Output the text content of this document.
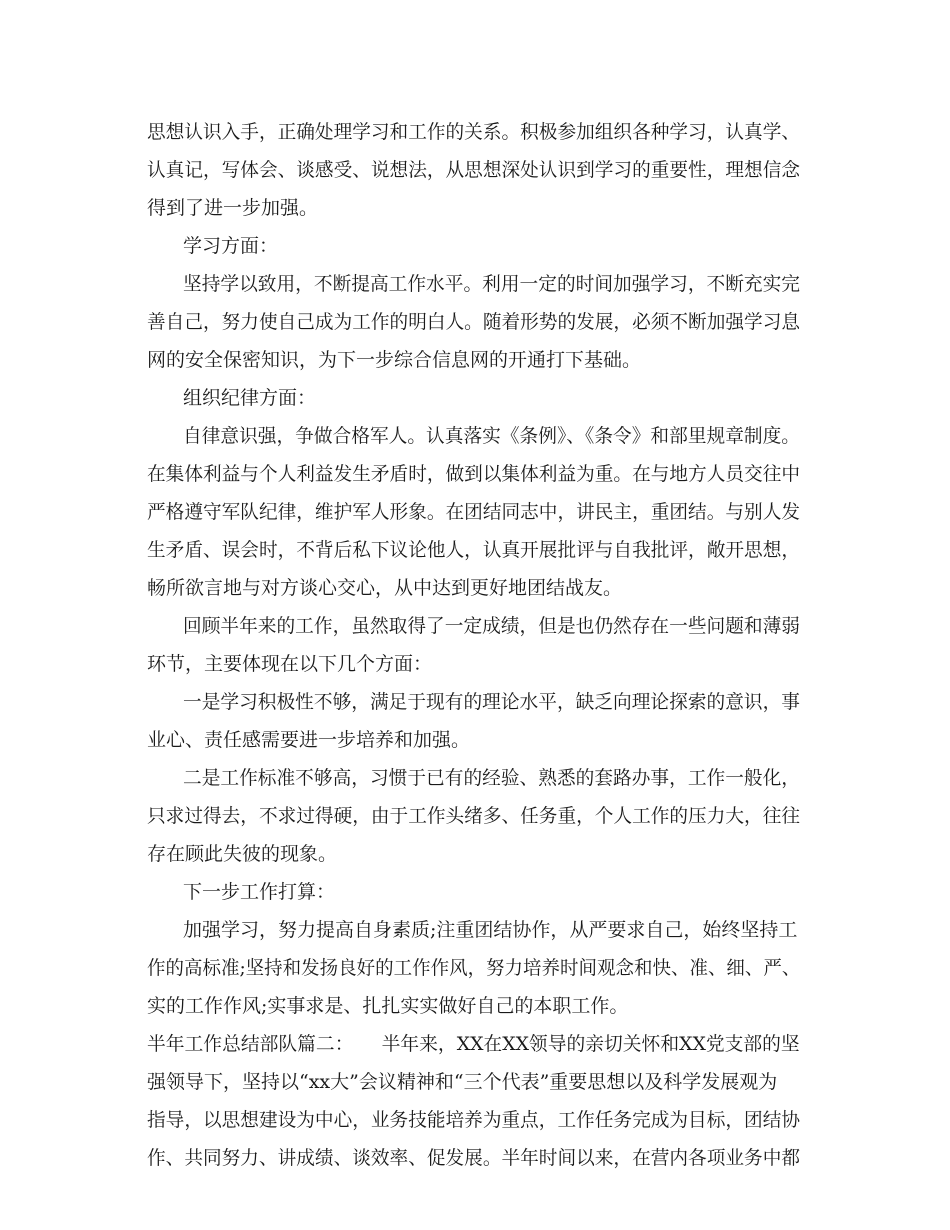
思想认识入手，正确处理学习和工作的关系。积极参加组织各种学习，认真学、
认真记，写体会、谈感受、说想法，从思想深处认识到学习的重要性，理想信念
得到了进一步加强。
学习方面：
坚持学以致用，不断提高工作水平。利用一定的时间加强学习，不断充实完
善自己，努力使自己成为工作的明白人。随着形势的发展，必须不断加强学习息
网的安全保密知识，为下一步综合信息网的开通打下基础。
组织纪律方面：
自律意识强，争做合格军人。认真落实《条例》、《条令》和部里规章制度。
在集体利益与个人利益发生矛盾时，做到以集体利益为重。在与地方人员交往中
严格遵守军队纪律，维护军人形象。在团结同志中，讲民主，重团结。与别人发
生矛盾、误会时，不背后私下议论他人，认真开展批评与自我批评，敞开思想，
畅所欲言地与对方谈心交心，从中达到更好地团结战友。
回顾半年来的工作，虽然取得了一定成绩，但是也仍然存在一些问题和薄弱
环节，主要体现在以下几个方面：
一是学习积极性不够，满足于现有的理论水平，缺乏向理论探索的意识，事
业心、责任感需要进一步培养和加强。
二是工作标准不够高，习惯于已有的经验、熟悉的套路办事，工作一般化，
只求过得去，不求过得硬，由于工作头绪多、任务重，个人工作的压力大，往往
存在顾此失彼的现象。
下一步工作打算：
加强学习，努力提高自身素质;注重团结协作，从严要求自己，始终坚持工
作的高标准;坚持和发扬良好的工作作风，努力培养时间观念和快、准、细、严、
实的工作作风;实事求是、扎扎实实做好自己的本职工作。
半年工作总结部队篇二：　　半年来，XX在XX领导的亲切关怀和XX党支部的坚
强领导下，坚持以“xx大”会议精神和“三个代表”重要思想以及科学发展观为
指导，以思想建设为中心，业务技能培养为重点，工作任务完成为目标，团结协
作、共同努力、讲成绩、谈效率、促发展。半年时间以来，在营内各项业务中都
